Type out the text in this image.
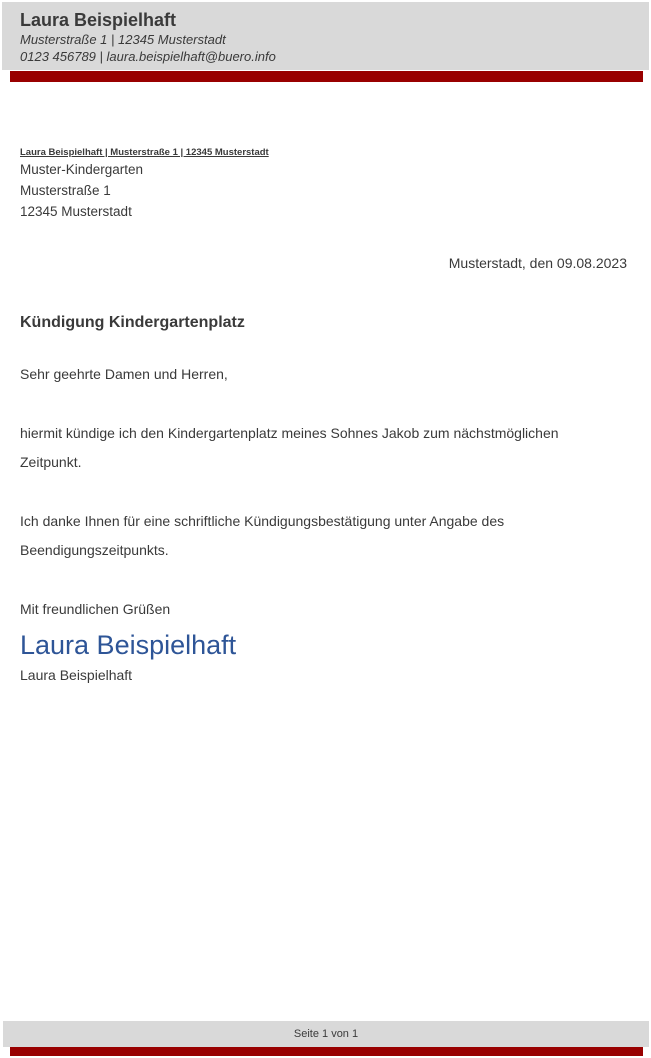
Laura Beispielhaft
Musterstraße 1 | 12345 Musterstadt
0123 456789 | laura.beispielhaft@buero.info
Laura Beispielhaft | Musterstraße 1 | 12345 Musterstadt
Muster-Kindergarten
Musterstraße 1
12345 Musterstadt
Musterstadt, den 09.08.2023
Kündigung Kindergartenplatz
Sehr geehrte Damen und Herren,
hiermit kündige ich den Kindergartenplatz meines Sohnes Jakob zum nächstmöglichen Zeitpunkt.
Ich danke Ihnen für eine schriftliche Kündigungsbestätigung unter Angabe des Beendigungszeitpunkts.
Mit freundlichen Grüßen
Laura Beispielhaft
Laura Beispielhaft
Seite 1 von 1
